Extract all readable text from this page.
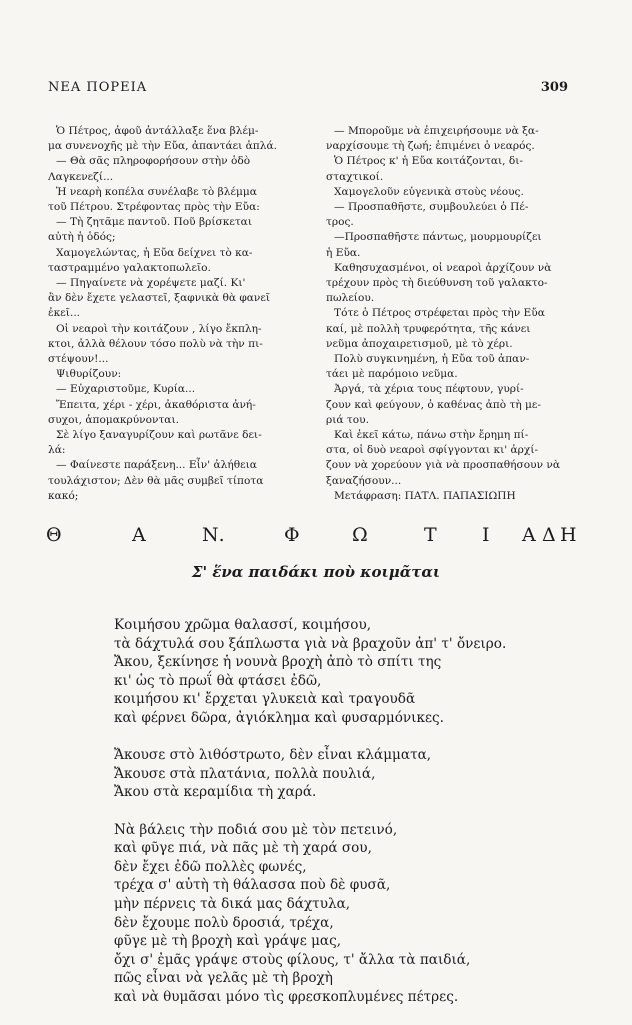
ΝΕΑ ΠΟΡΕΙΑ	309

Ὁ Πέτρος, ἀφοῦ ἀντάλλαξε ἕνα βλέμ-

μα συνενοχῆς μὲ τὴν Εὔα, ἀπαντάει ἁπλά.

— Θὰ σᾶς πληροφορήσουν στὴν ὁδὸ

Λαγκενεζί...

Ἡ νεαρὴ κοπέλα συνέλαβε τὸ βλέμμα

τοῦ Πέτρου. Στρέφοντας πρὸς τὴν Εὔα:

— Τὴ ζητᾶμε παντοῦ. Ποῦ βρίσκεται

αὐτὴ ἡ ὁδός;

Χαμογελώντας, ἡ Εὔα δείχνει τὸ κα-

ταστραμμένο γαλακτοπωλεῖο.

— Πηγαίνετε νὰ χορέψετε μαζί. Κι'

ἂν δὲν ἔχετε γελαστεῖ, ξαφνικὰ θὰ φανεῖ

ἐκεῖ...

Οἱ νεαροὶ τὴν κοιτάζουν , λίγο ἔκπλη-

κτοι, ἀλλὰ θέλουν τόσο πολὺ νὰ τὴν πι-

στέψουν!...

Ψιθυρίζουν:

— Εὐχαριστοῦμε, Κυρία...

Ἔπειτα, χέρι - χέρι, ἀκαθόριστα ἀνή-

συχοι, ἀπομακρύνονται.

Σὲ λίγο ξαναγυρίζουν καὶ ρωτᾶνε δει-

λά:

— Φαίνεστε παράξενη... Εἶν' ἀλήθεια

τουλάχιστον; Δὲν θὰ μᾶς συμβεῖ τίποτα

κακό;

— Μποροῦμε νὰ ἐπιχειρήσουμε νὰ ξα-

ναρχίσουμε τὴ ζωή; ἐπιμένει ὁ νεαρός.

Ὁ Πέτρος κ' ἡ Εὔα κοιτάζονται, δι-

σταχτικοί.

Χαμογελοῦν εὐγενικὰ στοὺς νέους.

— Προσπαθῆστε, συμβουλεύει ὁ Πέ-

τρος.

—Προσπαθῆστε πάντως, μουρμουρίζει

ἡ Εὔα.

Καθησυχασμένοι, οἱ νεαροὶ ἀρχίζουν νὰ

τρέχουν πρὸς τὴ διεύθυνση τοῦ γαλακτο-

πωλείου.

Τότε ὁ Πέτρος στρέφεται πρὸς τὴν Εὔα

καί, μὲ πολλὴ τρυφερότητα, τῆς κάνει

νεῦμα ἀποχαιρετισμοῦ, μὲ τὸ χέρι.

Πολὺ συγκινημένη, ἡ Εὔα τοῦ ἀπαν-

τάει μὲ παρόμοιο νεῦμα.

Ἀργά, τὰ χέρια τους πέφτουν, γυρί-

ζουν καὶ φεύγουν, ὁ καθένας ἀπὸ τὴ με-

ριά του.

Καὶ ἐκεῖ κάτω, πάνω στὴν ἔρημη πί-

στα, οἱ δυὸ νεαροὶ σφίγγονται κι' ἀρχί-

ζουν νὰ χορεύουν γιὰ νὰ προσπαθήσουν νὰ

ξαναζήσουν...

Μετάφραση: ΠΑΤΛ. ΠΑΠΑΣΙΩΠΗ

Θ	Α	Ν.	Φ	Ω	Τ Ι Α Δ Η
Σ' ἕνα παιδάκι ποὺ κοιμᾶται

Κοιμήσου χρῶμα θαλασσί, κοιμήσου,

τὰ δάχτυλά σου ξάπλωστα γιὰ νὰ βραχοῦν ἀπ' τ' ὄνειρο.

Ἄκου, ξεκίνησε ἡ νουνὰ βροχὴ ἀπὸ τὸ σπίτι της

κι' ὡς τὸ πρωΐ θὰ φτάσει ἐδῶ,

κοιμήσου κι' ἔρχεται γλυκειὰ καὶ τραγουδᾶ

καὶ φέρνει δῶρα, ἀγιόκλημα καὶ φυσαρμόνικες.

Ἄκουσε στὸ λιθόστρωτο, δὲν εἶναι κλάμματα,

Ἄκουσε στὰ πλατάνια, πολλὰ πουλιά,

Ἄκου στὰ κεραμίδια τὴ χαρά.

Νὰ βάλεις τὴν ποδιά σου μὲ τὸν πετεινό,

καὶ φῦγε πιά, νὰ πᾶς μὲ τὴ χαρά σου,

δὲν ἔχει ἐδῶ πολλὲς φωνές,

τρέχα σ' αὐτὴ τὴ θάλασσα ποὺ δὲ φυσᾶ,

μὴν πέρνεις τὰ δικά μας δάχτυλα,

δὲν ἔχουμε πολὺ δροσιά, τρέχα,

φῦγε μὲ τὴ βροχὴ καὶ γράψε μας,

ὄχι σ' ἐμᾶς γράψε στοὺς φίλους, τ' ἄλλα τὰ παιδιά,

πῶς εἶναι νὰ γελᾶς μὲ τὴ βροχὴ

καὶ νὰ θυμᾶσαι μόνο τὶς φρεσκοπλυμένες πέτρες.
